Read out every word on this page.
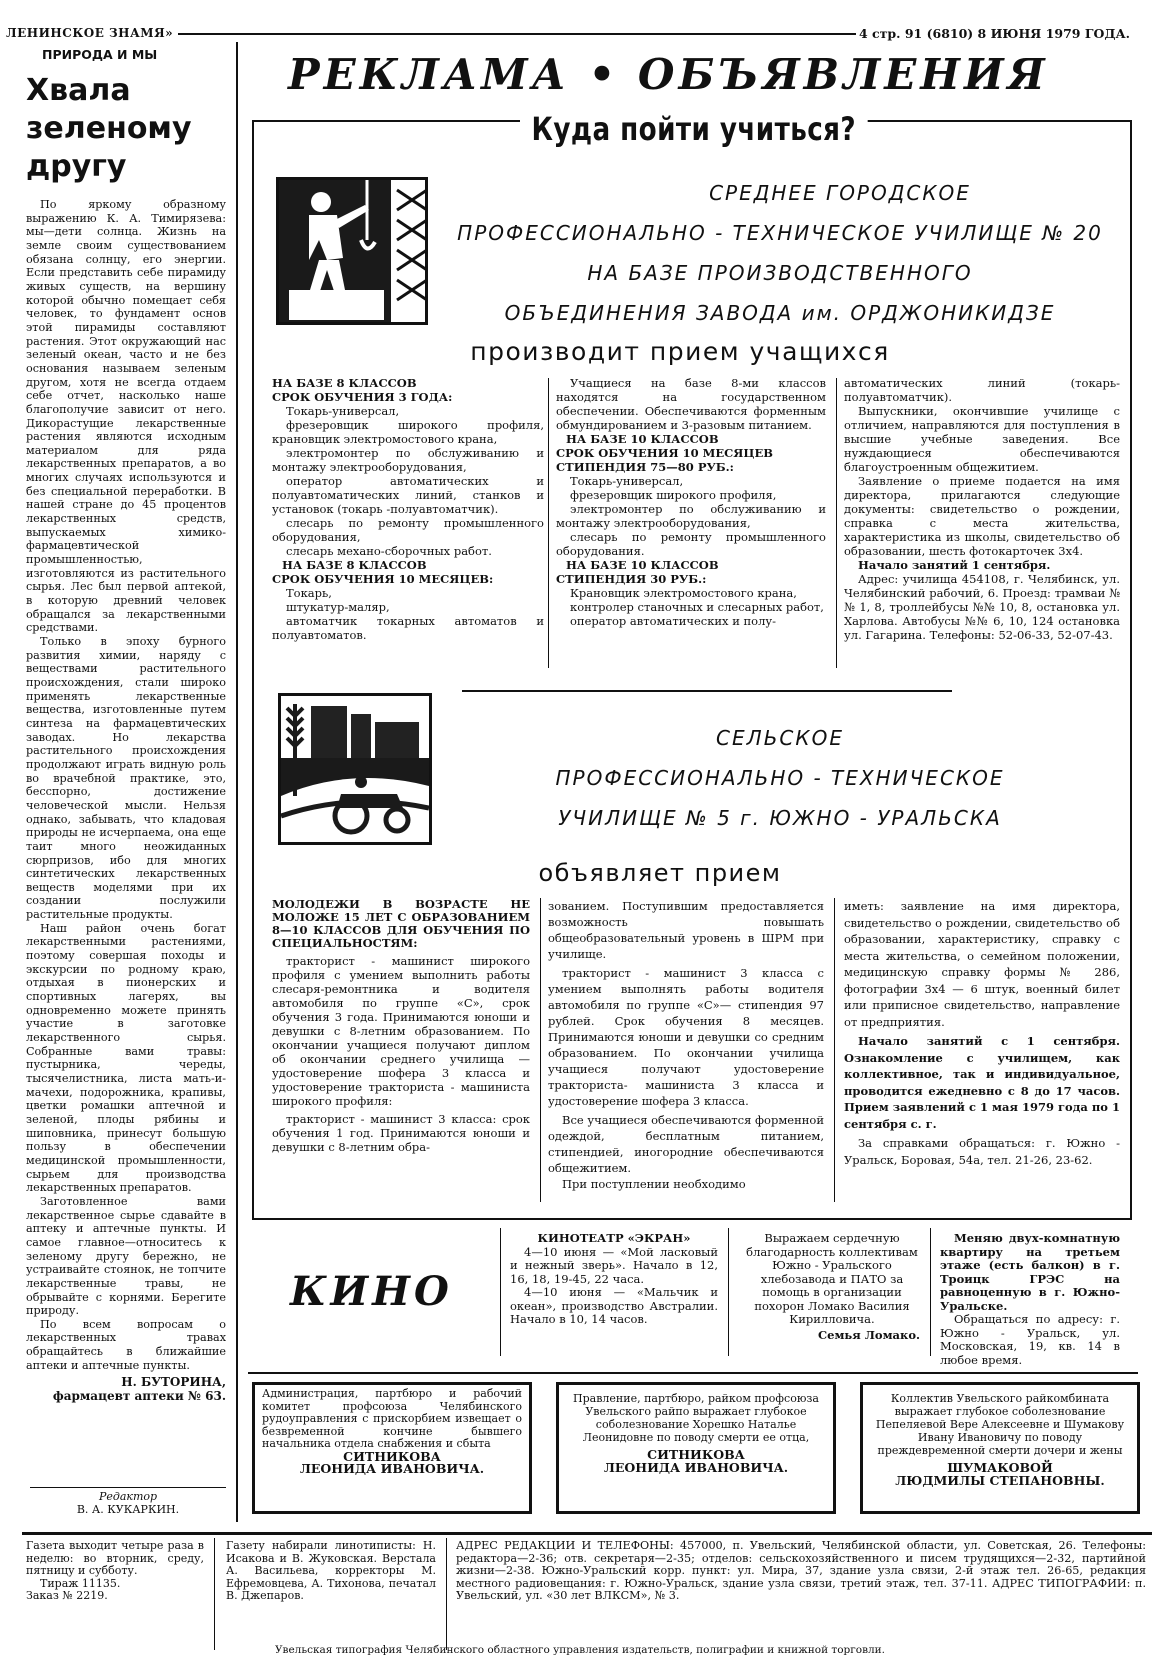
ЛЕНИНСКОЕ ЗНАМЯ»	4 стр. 91 (6810) 8 ИЮНЯ 1979 ГОДА.
ПРИРОДА И МЫ
Хвала
зеленому
другу

По яркому образному выражению К. А. Тимирязева: мы—дети солнца. Жизнь на земле своим существованием обязана солнцу, его энергии. Если представить себе пирамиду живых существ, на вершину которой обычно помещает себя человек, то фундамент основ этой пирамиды составляют растения. Этот окружающий нас зеленый океан, часто и не без основания называем зеленым другом, хотя не всегда отдаем себе отчет, насколько наше благополучие зависит от него. Дикорастущие лекарственные растения являются исходным материалом для ряда лекарственных препаратов, а во многих случаях используются и без специальной переработки. В нашей стране до 45 процентов лекарственных средств, выпускаемых химико-фармацевтической промышленностью, изготовляются из растительного сырья. Лес был первой аптекой, в которую древний человек обращался за лекарственными средствами.

Только в эпоху бурного развития химии, наряду с веществами растительного происхождения, стали широко применять лекарственные вещества, изготовленные путем синтеза на фармацевтических заводах. Но лекарства растительного происхождения продолжают играть видную роль во врачебной практике, это, бесспорно, достижение человеческой мысли. Нельзя однако, забывать, что кладовая природы не исчерпаема, она еще таит много неожиданных сюрпризов, ибо для многих синтетических лекарственных веществ моделями при их создании послужили растительные продукты.

Наш район очень богат лекарственными растениями, поэтому совершая походы и экскурсии по родному краю, отдыхая в пионерских и спортивных лагерях, вы одновременно можете принять участие в заготовке лекарственного сырья. Собранные вами травы: пустырника, череды, тысячелистника, листа мать-и-мачехи, подорожника, крапивы, цветки ромашки аптечной и зеленой, плоды рябины и шиповника, принесут большую пользу в обеспечении медицинской промышленности, сырьем для производства лекарственных препаратов.

Заготовленное вами лекарственное сырье сдавайте в аптеку и аптечные пункты. И самое главное—относитесь к зеленому другу бережно, не устраивайте стоянок, не топчите лекарственные травы, не обрывайте с корнями. Берегите природу.

По всем вопросам о лекарственных травах обращайтесь в ближайшие аптеки и аптечные пункты.

Н. БУТОРИНА,
фармацевт аптеки № 63.
Редактор
В. А. КУКАРКИН.
РЕКЛАМА • ОБЪЯВЛЕНИЯ
Куда пойти учиться?
СРЕДНЕЕ ГОРОДСКОЕ
ПРОФЕССИОНАЛЬНО - ТЕХНИЧЕСКОЕ УЧИЛИЩЕ № 20
НА БАЗЕ ПРОИЗВОДСТВЕННОГО
ОБЪЕДИНЕНИЯ ЗАВОДА им. ОРДЖОНИКИДЗЕ
производит прием учащихся
НА БАЗЕ 8 КЛАССОВ
СРОК ОБУЧЕНИЯ 3 ГОДА:

Токарь-универсал,

фрезеровщик широкого профиля, крановщик электромостового крана,

электромонтер по обслуживанию и монтажу электрооборудования,

оператор автоматических и полуавтоматических линий, станков и установок (токарь -полуавтоматчик).

слесарь по ремонту промышленного оборудования,

слесарь механо-сборочных работ.

НА БАЗЕ 8 КЛАССОВ
СРОК ОБУЧЕНИЯ 10 МЕСЯЦЕВ:

Токарь,

штукатур-маляр,

автоматчик токарных автоматов и полуавтоматов.

Учащиеся на базе 8-ми классов находятся на государственном обеспечении. Обеспечиваются форменным обмундированием и 3-разовым питанием.

НА БАЗЕ 10 КЛАССОВ
СРОК ОБУЧЕНИЯ 10 МЕСЯЦЕВ
СТИПЕНДИЯ 75—80 РУБ.:

Токарь-универсал,

фрезеровщик широкого профиля,

электромонтер по обслуживанию и монтажу электрооборудования,

слесарь по ремонту промышленного оборудования.

НА БАЗЕ 10 КЛАССОВ
СТИПЕНДИЯ 30 РУБ.:

Крановщик электромостового крана,

контролер станочных и слесарных работ,

оператор автоматических и полу-

автоматических линий (токарь-полуавтоматчик).

Выпускники, окончившие училище с отличием, направляются для поступления в высшие учебные заведения. Все нуждающиеся обеспечиваются благоустроенным общежитием.

Заявление о приеме подается на имя директора, прилагаются следующие документы: свидетельство о рождении, справка с места жительства, характеристика из школы, свидетельство об образовании, шесть фотокарточек 3х4.

Начало занятий 1 сентября.

Адрес: училища 454108, г. Челябинск, ул. Челябинский рабочий, 6. Проезд: трамваи №№ 1, 8, троллейбусы №№ 10, 8, остановка ул. Харлова. Автобусы №№ 6, 10, 124 остановка ул. Гагарина. Телефоны: 52-06-33, 52-07-43.

СЕЛЬСКОЕ
ПРОФЕССИОНАЛЬНО - ТЕХНИЧЕСКОЕ
УЧИЛИЩЕ № 5 г. ЮЖНО - УРАЛЬСКА
объявляет прием
МОЛОДЕЖИ В ВОЗРАСТЕ НЕ МОЛОЖЕ 15 ЛЕТ С ОБРАЗОВАНИЕМ 8—10 КЛАССОВ ДЛЯ ОБУЧЕНИЯ ПО СПЕЦИАЛЬНОСТЯМ:

тракторист - машинист широкого профиля с умением выполнить работы слесаря-ремонтника и водителя автомобиля по группе «С», срок обучения 3 года. Принимаются юноши и девушки с 8-летним образованием. По окончании учащиеся получают диплом об окончании среднего училища — удостоверение шофера 3 класса и удостоверение тракториста - машиниста широкого профиля:

тракторист - машинист 3 класса: срок обучения 1 год. Принимаются юноши и девушки с 8-летним обра-

зованием. Поступившим предоставляется возможность повышать общеобразовательный уровень в ШРМ при училище.

тракторист - машинист 3 класса с умением выполнять работы водителя автомобиля по группе «С»— стипендия 97 рублей. Срок обучения 8 месяцев. Принимаются юноши и девушки со средним образованием. По окончании училища учащиеся получают удостоверение тракториста- машиниста 3 класса и удостоверение шофера 3 класса.

Все учащиеся обеспечиваются форменной одеждой, бесплатным питанием, стипендией, иногородние обеспечиваются общежитием.

При поступлении необходимо

иметь: заявление на имя директора, свидетельство о рождении, свидетельство об образовании, характеристику, справку с места жительства, о семейном положении, медицинскую справку формы № 286, фотографии 3х4 — 6 штук, военный билет или приписное свидетельство, направление от предприятия.

Начало занятий с 1 сентября. Ознакомление с училищем, как коллективное, так и индивидуальное, проводится ежедневно с 8 до 17 часов. Прием заявлений с 1 мая 1979 года по 1 сентября с. г.

За справками обращаться: г. Южно - Уральск, Боровая, 54а, тел. 21-26, 23-62.

КИНО
КИНОТЕАТР «ЭКРАН»

4—10 июня — «Мой ласковый и нежный зверь». Начало в 12, 16, 18, 19-45, 22 часа.

4—10 июня — «Мальчик и океан», производство Австралии. Начало в 10, 14 часов.

Выражаем сердечную благодарность коллективам Южно - Уральского хлебозавода и ПАТО за помощь в организации похорон Ломако Василия Кирилловича.
Семья Ломако.

Меняю двух-комнатную квартиру на третьем этаже (есть балкон) в г. Троицк ГРЭС на равноценную в г. Южно-Уральске.

Обращаться по адресу: г. Южно - Уральск, ул. Московская, 19, кв. 14 в любое время.

Администрация, партбюро и рабочий комитет профсоюза Челябинского рудоуправления с прискорбием извещает о безвременной кончине бывшего начальника отдела снабжения и сбыта
СИТНИКОВА
ЛЕОНИДА ИВАНОВИЧА.
Правление, партбюро, райком профсоюза Увельского райпо выражает глубокое соболезнование Хорешко Наталье Леонидовне по поводу смерти ее отца,
СИТНИКОВА
ЛЕОНИДА ИВАНОВИЧА.
Коллектив Увельского райкомбината выражает глубокое соболезнование Пепеляевой Вере Алексеевне и Шумакову Ивану Ивановичу по поводу преждевременной смерти дочери и жены
ШУМАКОВОЙ
ЛЮДМИЛЫ СТЕПАНОВНЫ.
Газета выходит четыре раза в неделю: во вторник, среду, пятницу и субботу.
Тираж 11135.
Заказ № 2219.
Газету набирали линотиписты: Н. Исакова и В. Жуковская. Верстала А. Васильева, корректоры М. Ефремовцева, А. Тихонова, печатал В. Джепаров.
АДРЕС РЕДАКЦИИ И ТЕЛЕФОНЫ: 457000, п. Увельский, Челябинской области, ул. Советская, 26. Телефоны: редактора—2-36; отв. секретаря—2-35; отделов: сельскохозяйственного и писем трудящихся—2-32, партийной жизни—2-38. Южно-Уральский корр. пункт: ул. Мира, 37, здание узла связи, 2-й этаж тел. 26-65, редакция местного радиовещания: г. Южно-Уральск, здание узла связи, третий этаж, тел. 37-11. АДРЕС ТИПОГРАФИИ: п. Увельский, ул. «30 лет ВЛКСМ», № 3.
Увельская типография Челябинского областного управления издательств, полиграфии и книжной торговли.
